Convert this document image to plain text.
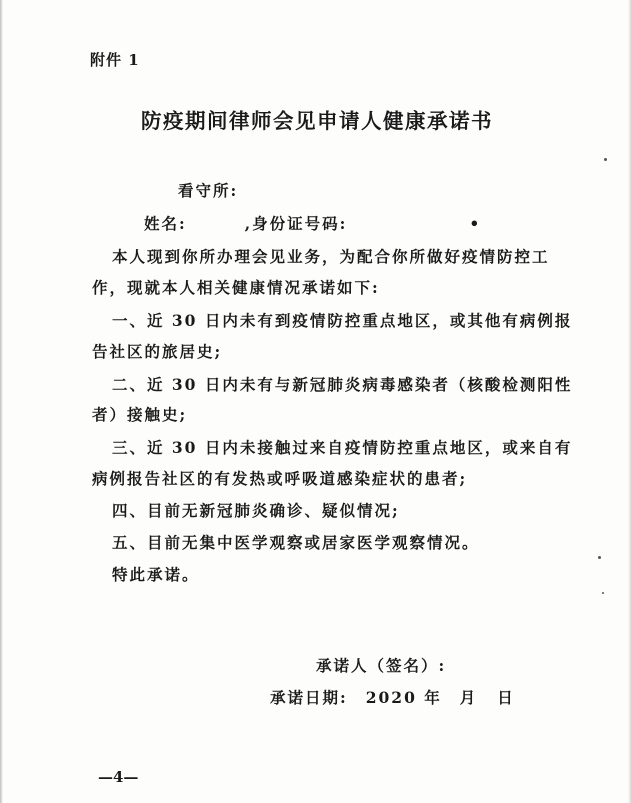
附件 1
防疫期间律师会见申请人健康承诺书
看守所:
姓名:	,身份证号码:	•
本人现到你所办理会见业务，为配合你所做好疫情防控工
作，现就本人相关健康情况承诺如下:
一、近 30 日内未有到疫情防控重点地区，或其他有病例报
告社区的旅居史;
二、近 30 日内未有与新冠肺炎病毒感染者（核酸检测阳性
者）接触史;
三、近 30 日内未接触过来自疫情防控重点地区，或来自有
病例报告社区的有发热或呼吸道感染症状的患者;
四、目前无新冠肺炎确诊、疑似情况;
五、目前无集中医学观察或居家医学观察情况。
特此承诺。
承诺人（签名）:
承诺日期: 2020 年 月 日
—4—
